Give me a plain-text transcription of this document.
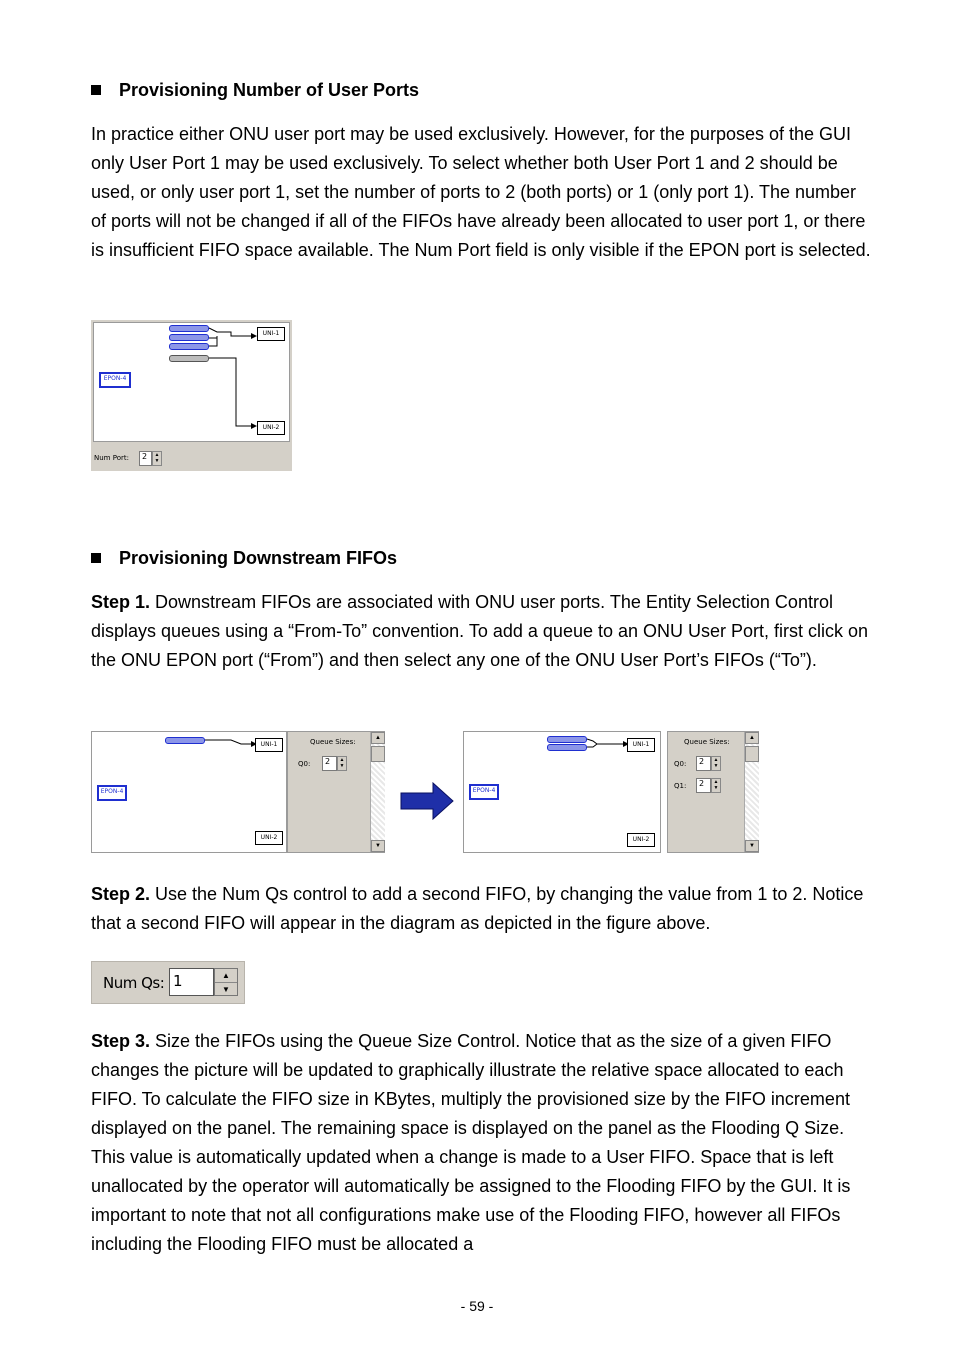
Provisioning Number of User Ports
In practice either ONU user port may be used exclusively. However, for the purposes of the GUI only User Port 1 may be used exclusively. To select whether both User Port 1 and 2 should be used, or only user port 1, set the number of ports to 2 (both ports) or 1 (only port 1). The number of ports will not be changed if all of the FIFOs have already been allocated to user port 1, or there is insufficient FIFO space available. The Num Port field is only visible if the EPON port is selected.
UNI-1
UNI-2
EPON-4
Num Port:	2	▲
▼
Provisioning Downstream FIFOs
Step 1. Downstream FIFOs are associated with ONU user ports. The Entity Selection Control displays queues using a “From-To” convention. To add a queue to an ONU User Port, first click on the ONU EPON port (“From”) and then select any one of the ONU User Port’s FIFOs (“To”).
UNI-1
UNI-2
EPON-4
Queue Sizes:
Q0:	2	▲
▼
▲
▼
UNI-1
UNI-2
EPON-4
Queue Sizes:
Q0:	2	▲
▼
Q1:	2	▲
▼
▲
▼
Step 2. Use the Num Qs control to add a second FIFO, by changing the value from 1 to 2. Notice that a second FIFO will appear in the diagram as depicted in the figure above.
Num Qs: 1	▲
▼
Step 3. Size the FIFOs using the Queue Size Control. Notice that as the size of a given FIFO changes the picture will be updated to graphically illustrate the relative space allocated to each FIFO. To calculate the FIFO size in KBytes, multiply the provisioned size by the FIFO increment displayed on the panel. The remaining space is displayed on the panel as the Flooding Q Size. This value is automatically updated when a change is made to a User FIFO. Space that is left unallocated by the operator will automatically be assigned to the Flooding FIFO by the GUI. It is important to note that not all configurations make use of the Flooding FIFO, however all FIFOs including the Flooding FIFO must be allocated a
- 59 -
